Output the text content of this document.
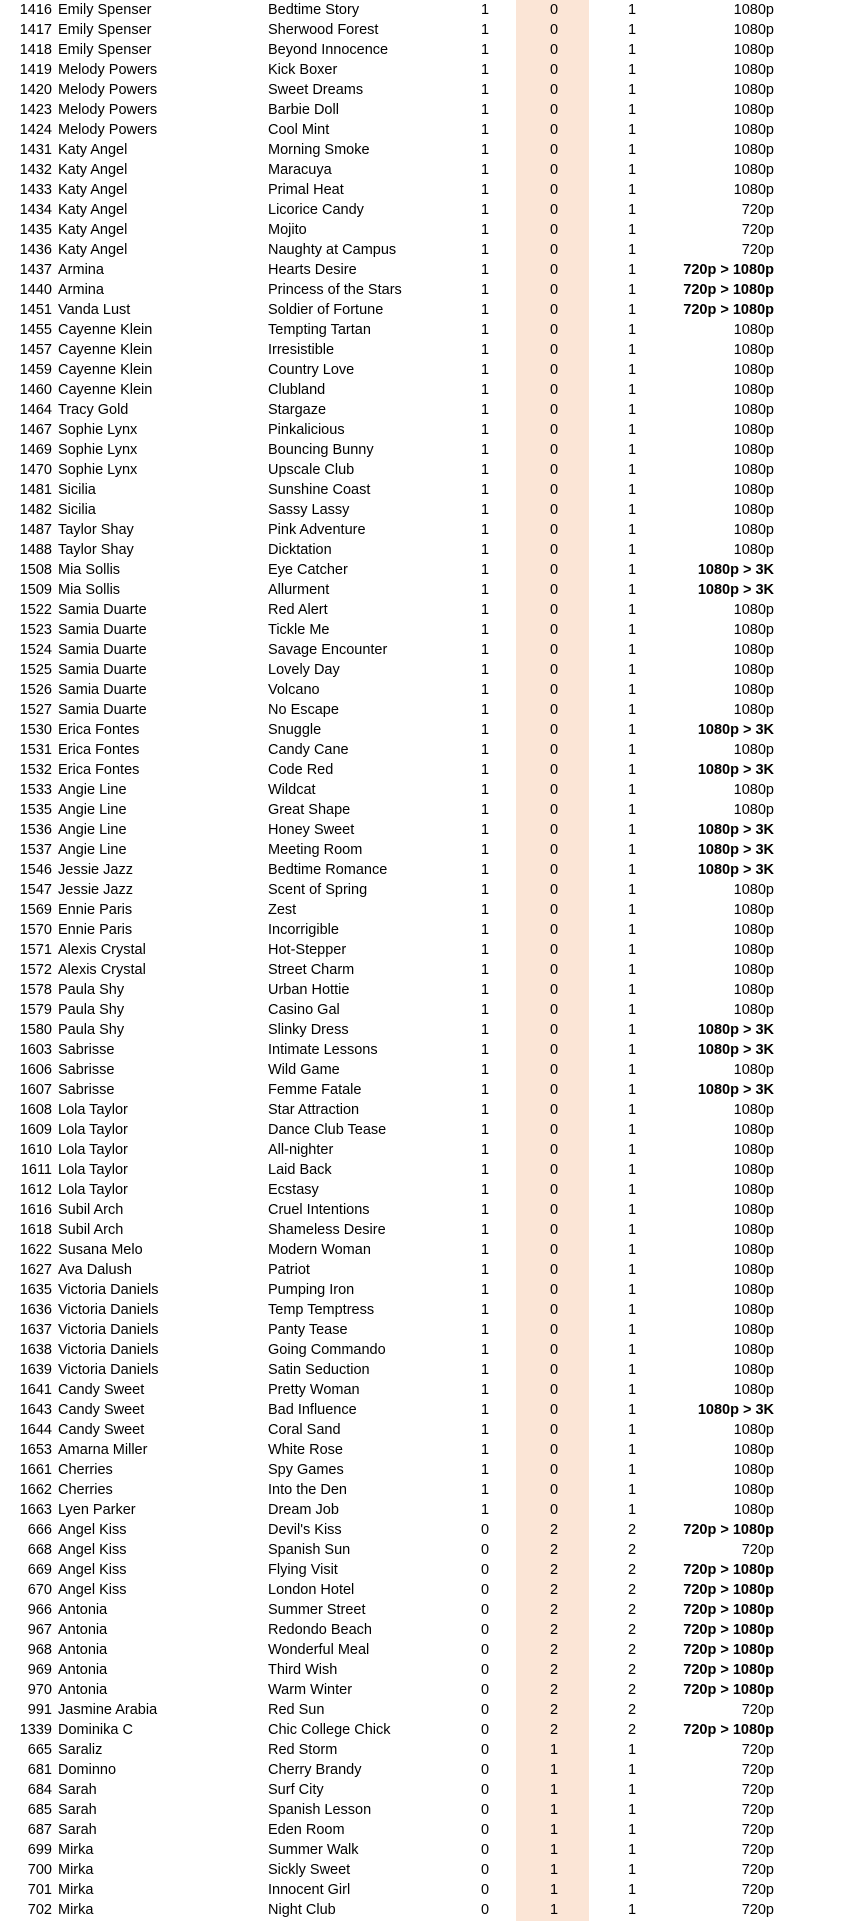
1416 Emily Spenser	Bedtime Story	1	0	1	1080p
1417 Emily Spenser	Sherwood Forest	1	0	1	1080p
1418 Emily Spenser	Beyond Innocence	1	0	1	1080p
1419 Melody Powers	Kick Boxer	1	0	1	1080p
1420 Melody Powers	Sweet Dreams	1	0	1	1080p
1423 Melody Powers	Barbie Doll	1	0	1	1080p
1424 Melody Powers	Cool Mint	1	0	1	1080p
1431 Katy Angel	Morning Smoke	1	0	1	1080p
1432 Katy Angel	Maracuya	1	0	1	1080p
1433 Katy Angel	Primal Heat	1	0	1	1080p
1434 Katy Angel	Licorice Candy	1	0	1	720p
1435 Katy Angel	Mojito	1	0	1	720p
1436 Katy Angel	Naughty at Campus	1	0	1	720p
1437 Armina	Hearts Desire	1	0	1	720p > 1080p
1440 Armina	Princess of the Stars	1	0	1	720p > 1080p
1451 Vanda Lust	Soldier of Fortune	1	0	1	720p > 1080p
1455 Cayenne Klein	Tempting Tartan	1	0	1	1080p
1457 Cayenne Klein	Irresistible	1	0	1	1080p
1459 Cayenne Klein	Country Love	1	0	1	1080p
1460 Cayenne Klein	Clubland	1	0	1	1080p
1464 Tracy Gold	Stargaze	1	0	1	1080p
1467 Sophie Lynx	Pinkalicious	1	0	1	1080p
1469 Sophie Lynx	Bouncing Bunny	1	0	1	1080p
1470 Sophie Lynx	Upscale Club	1	0	1	1080p
1481 Sicilia	Sunshine Coast	1	0	1	1080p
1482 Sicilia	Sassy Lassy	1	0	1	1080p
1487 Taylor Shay	Pink Adventure	1	0	1	1080p
1488 Taylor Shay	Dicktation	1	0	1	1080p
1508 Mia Sollis	Eye Catcher	1	0	1	1080p > 3K
1509 Mia Sollis	Allurment	1	0	1	1080p > 3K
1522 Samia Duarte	Red Alert	1	0	1	1080p
1523 Samia Duarte	Tickle Me	1	0	1	1080p
1524 Samia Duarte	Savage Encounter	1	0	1	1080p
1525 Samia Duarte	Lovely Day	1	0	1	1080p
1526 Samia Duarte	Volcano	1	0	1	1080p
1527 Samia Duarte	No Escape	1	0	1	1080p
1530 Erica Fontes	Snuggle	1	0	1	1080p > 3K
1531 Erica Fontes	Candy Cane	1	0	1	1080p
1532 Erica Fontes	Code Red	1	0	1	1080p > 3K
1533 Angie Line	Wildcat	1	0	1	1080p
1535 Angie Line	Great Shape	1	0	1	1080p
1536 Angie Line	Honey Sweet	1	0	1	1080p > 3K
1537 Angie Line	Meeting Room	1	0	1	1080p > 3K
1546 Jessie Jazz	Bedtime Romance	1	0	1	1080p > 3K
1547 Jessie Jazz	Scent of Spring	1	0	1	1080p
1569 Ennie Paris	Zest	1	0	1	1080p
1570 Ennie Paris	Incorrigible	1	0	1	1080p
1571 Alexis Crystal	Hot-Stepper	1	0	1	1080p
1572 Alexis Crystal	Street Charm	1	0	1	1080p
1578 Paula Shy	Urban Hottie	1	0	1	1080p
1579 Paula Shy	Casino Gal	1	0	1	1080p
1580 Paula Shy	Slinky Dress	1	0	1	1080p > 3K
1603 Sabrisse	Intimate Lessons	1	0	1	1080p > 3K
1606 Sabrisse	Wild Game	1	0	1	1080p
1607 Sabrisse	Femme Fatale	1	0	1	1080p > 3K
1608 Lola Taylor	Star Attraction	1	0	1	1080p
1609 Lola Taylor	Dance Club Tease	1	0	1	1080p
1610 Lola Taylor	All-nighter	1	0	1	1080p
1611 Lola Taylor	Laid Back	1	0	1	1080p
1612 Lola Taylor	Ecstasy	1	0	1	1080p
1616 Subil Arch	Cruel Intentions	1	0	1	1080p
1618 Subil Arch	Shameless Desire	1	0	1	1080p
1622 Susana Melo	Modern Woman	1	0	1	1080p
1627 Ava Dalush	Patriot	1	0	1	1080p
1635 Victoria Daniels	Pumping Iron	1	0	1	1080p
1636 Victoria Daniels	Temp Temptress	1	0	1	1080p
1637 Victoria Daniels	Panty Tease	1	0	1	1080p
1638 Victoria Daniels	Going Commando	1	0	1	1080p
1639 Victoria Daniels	Satin Seduction	1	0	1	1080p
1641 Candy Sweet	Pretty Woman	1	0	1	1080p
1643 Candy Sweet	Bad Influence	1	0	1	1080p > 3K
1644 Candy Sweet	Coral Sand	1	0	1	1080p
1653 Amarna Miller	White Rose	1	0	1	1080p
1661 Cherries	Spy Games	1	0	1	1080p
1662 Cherries	Into the Den	1	0	1	1080p
1663 Lyen Parker	Dream Job	1	0	1	1080p
666 Angel Kiss	Devil's Kiss	0	2	2	720p > 1080p
668 Angel Kiss	Spanish Sun	0	2	2	720p
669 Angel Kiss	Flying Visit	0	2	2	720p > 1080p
670 Angel Kiss	London Hotel	0	2	2	720p > 1080p
966 Antonia	Summer Street	0	2	2	720p > 1080p
967 Antonia	Redondo Beach	0	2	2	720p > 1080p
968 Antonia	Wonderful Meal	0	2	2	720p > 1080p
969 Antonia	Third Wish	0	2	2	720p > 1080p
970 Antonia	Warm Winter	0	2	2	720p > 1080p
991 Jasmine Arabia	Red Sun	0	2	2	720p
1339 Dominika C	Chic College Chick	0	2	2	720p > 1080p
665 Saraliz	Red Storm	0	1	1	720p
681 Dominno	Cherry Brandy	0	1	1	720p
684 Sarah	Surf City	0	1	1	720p
685 Sarah	Spanish Lesson	0	1	1	720p
687 Sarah	Eden Room	0	1	1	720p
699 Mirka	Summer Walk	0	1	1	720p
700 Mirka	Sickly Sweet	0	1	1	720p
701 Mirka	Innocent Girl	0	1	1	720p
702 Mirka	Night Club	0	1	1	720p
